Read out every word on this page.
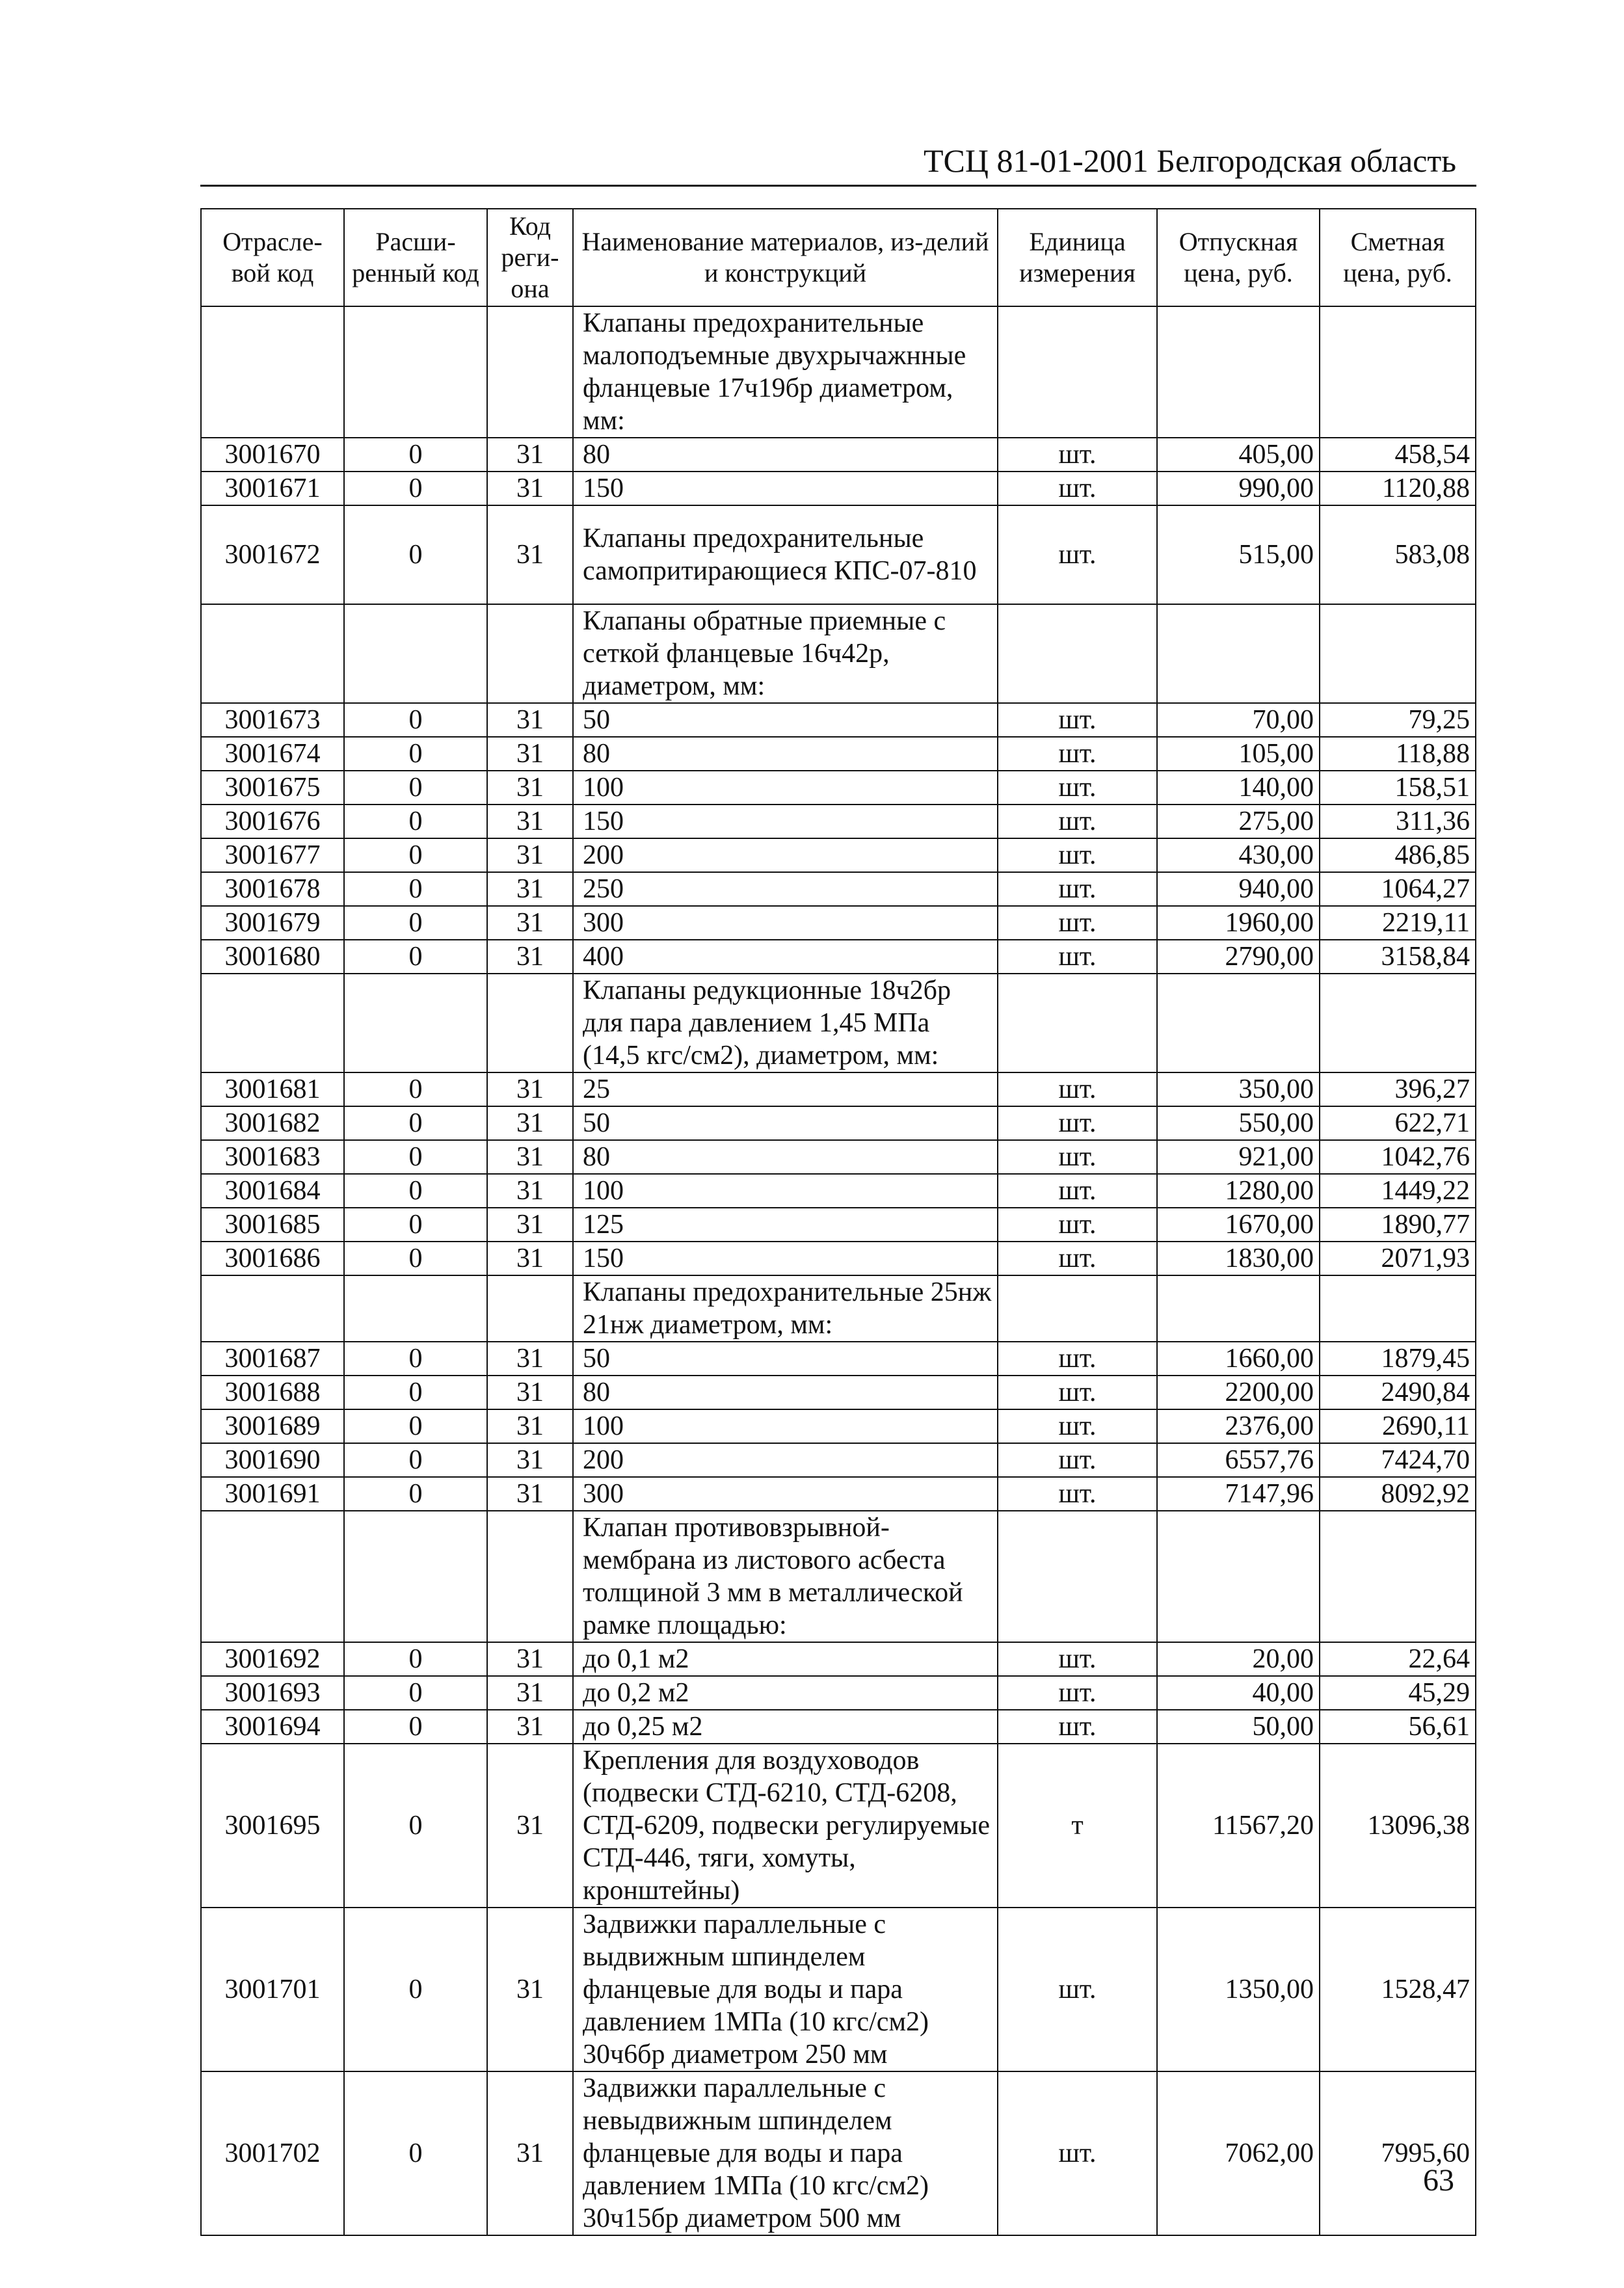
ТСЦ 81-01-2001 Белгородская область
Отрасле-вой код	Расши-ренный код	Код реги-она	Наименование материалов, из-делий и конструкций	Единица измерения	Отпускная цена, руб.	Сметная цена, руб.
			Клапаны предохранительные малоподъемные двухрычажнные фланцевые 17ч19бр диаметром, мм:			
3001670	0	31	80	шт.	405,00	458,54
3001671	0	31	150	шт.	990,00	1120,88
3001672	0	31	Клапаны предохранительные самопритирающиеся КПС-07-810	шт.	515,00	583,08
			Клапаны обратные приемные с сеткой фланцевые 16ч42р, диаметром, мм:			
3001673	0	31	50	шт.	70,00	79,25
3001674	0	31	80	шт.	105,00	118,88
3001675	0	31	100	шт.	140,00	158,51
3001676	0	31	150	шт.	275,00	311,36
3001677	0	31	200	шт.	430,00	486,85
3001678	0	31	250	шт.	940,00	1064,27
3001679	0	31	300	шт.	1960,00	2219,11
3001680	0	31	400	шт.	2790,00	3158,84
			Клапаны редукционные 18ч2бр для пара давлением 1,45 МПа (14,5 кгс/см2), диаметром, мм:			
3001681	0	31	25	шт.	350,00	396,27
3001682	0	31	50	шт.	550,00	622,71
3001683	0	31	80	шт.	921,00	1042,76
3001684	0	31	100	шт.	1280,00	1449,22
3001685	0	31	125	шт.	1670,00	1890,77
3001686	0	31	150	шт.	1830,00	2071,93
			Клапаны предохранительные 25нж 21нж диаметром, мм:			
3001687	0	31	50	шт.	1660,00	1879,45
3001688	0	31	80	шт.	2200,00	2490,84
3001689	0	31	100	шт.	2376,00	2690,11
3001690	0	31	200	шт.	6557,76	7424,70
3001691	0	31	300	шт.	7147,96	8092,92
			Клапан противовзрывной-мембрана из листового асбеста толщиной 3 мм в металлической рамке площадью:			
3001692	0	31	до 0,1 м2	шт.	20,00	22,64
3001693	0	31	до 0,2 м2	шт.	40,00	45,29
3001694	0	31	до 0,25 м2	шт.	50,00	56,61
3001695	0	31	Крепления для воздуховодов (подвески СТД-6210, СТД-6208, СТД-6209, подвески регулируемые СТД-446, тяги, хомуты, кронштейны)	т	11567,20	13096,38
3001701	0	31	Задвижки параллельные с выдвижным шпинделем фланцевые для воды и пара давлением 1МПа (10 кгс/см2) 30ч6бр диаметром 250 мм	шт.	1350,00	1528,47
3001702	0	31	Задвижки параллельные с невыдвижным шпинделем фланцевые для воды и пара давлением 1МПа (10 кгс/см2) 30ч15бр диаметром 500 мм	шт.	7062,00	7995,60
63
